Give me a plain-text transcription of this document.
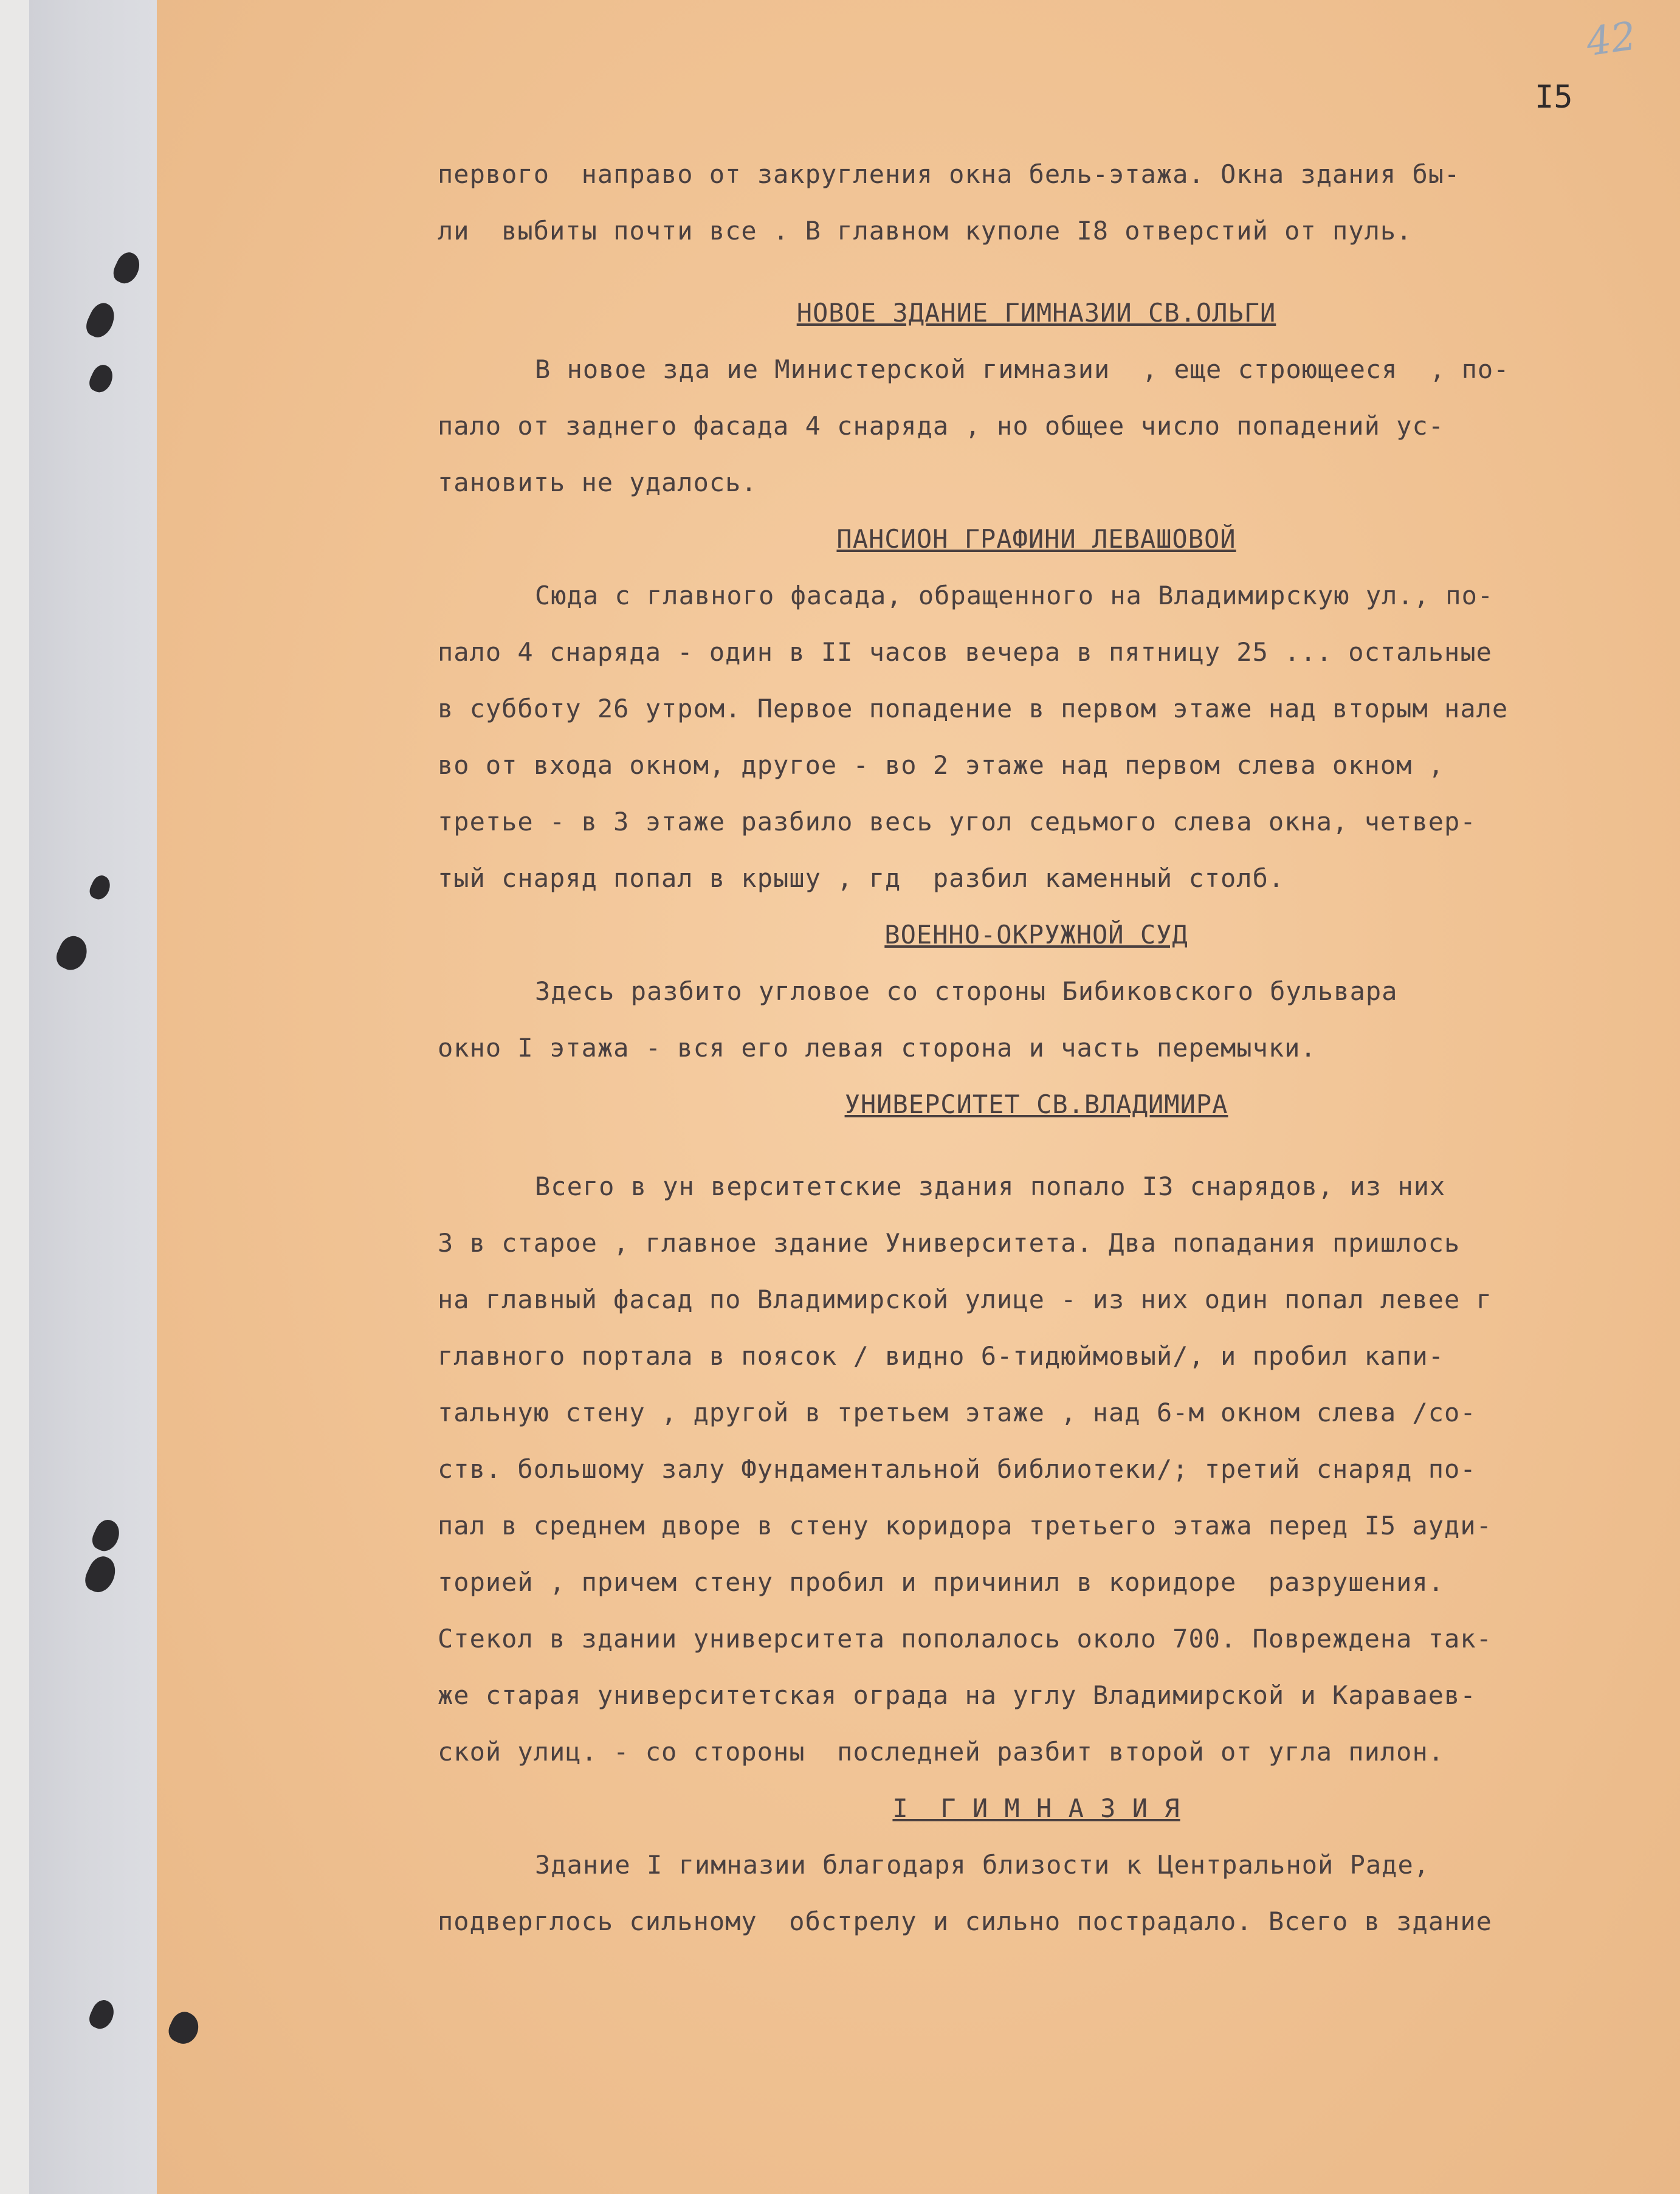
42
I5
первого  направо от закругления окна бель-этажа. Окна здания бы-
ли  выбиты почти все . В главном куполе I8 отверстий от пуль.
НОВОЕ ЗДАНИЕ ГИМНАЗИИ СВ.ОЛЬГИ
В новое зда ие Министерской гимназии  , еще строющееся  , по-
пало от заднего фасада 4 снаряда , но общее число попадений ус-
тановить не удалось.
ПАНСИОН ГРАФИНИ ЛЕВАШОВОЙ
Сюда с главного фасада, обращенного на Владимирскую ул., по-
пало 4 снаряда - один в II часов вечера в пятницу 25 ... остальные
в субботу 26 утром. Первое попадение в первом этаже над вторым нале
во от входа окном, другое - во 2 этаже над первом слева окном ,
третье - в 3 этаже разбило весь угол седьмого слева окна, четвер-
тый снаряд попал в крышу , гд  разбил каменный столб.
ВОЕННО-ОКРУЖНОЙ СУД
Здесь разбито угловое со стороны Бибиковского бульвара
окно I этажа - вся его левая сторона и часть перемычки.
УНИВЕРСИТЕТ СВ.ВЛАДИМИРА
Всего в ун верситетские здания попало I3 снарядов, из них
3 в старое , главное здание Университета. Два попадания пришлось
на главный фасад по Владимирской улице - из них один попал левее г
главного портала в поясок / видно 6-тидюймовый/, и пробил капи-
тальную стену , другой в третьем этаже , над 6-м окном слева /со-
ств. большому залу Фундаментальной библиотеки/; третий снаряд по-
пал в среднем дворе в стену коридора третьего этажа перед I5 ауди-
торией , причем стену пробил и причинил в коридоре  разрушения.
Стекол в здании университета пополалось около 700. Повреждена так-
же старая университетская ограда на углу Владимирской и Караваев-
ской улиц. - со стороны  последней разбит второй от угла пилон.
I  Г И М Н А З И Я
Здание I гимназии благодаря близости к Центральной Раде,
подверглось сильному  обстрелу и сильно пострадало. Всего в здание
